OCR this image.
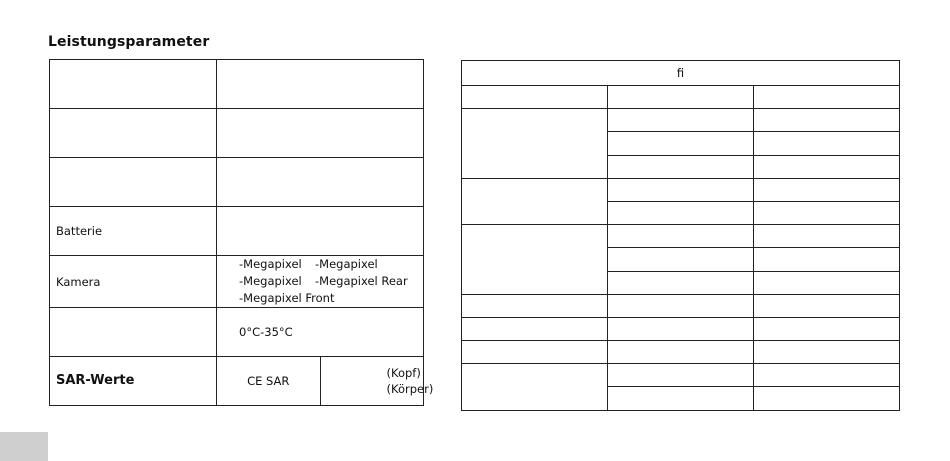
Leistungsparameter

Batterie		
Kamera	-Megapixel -Megapixel
-Megapixel -Megapixel Rear
-Megapixel Front	

	0°C-35°C	
SAR-Werte	CE SAR	(Kopf)
(Körper)
ﬁ		
